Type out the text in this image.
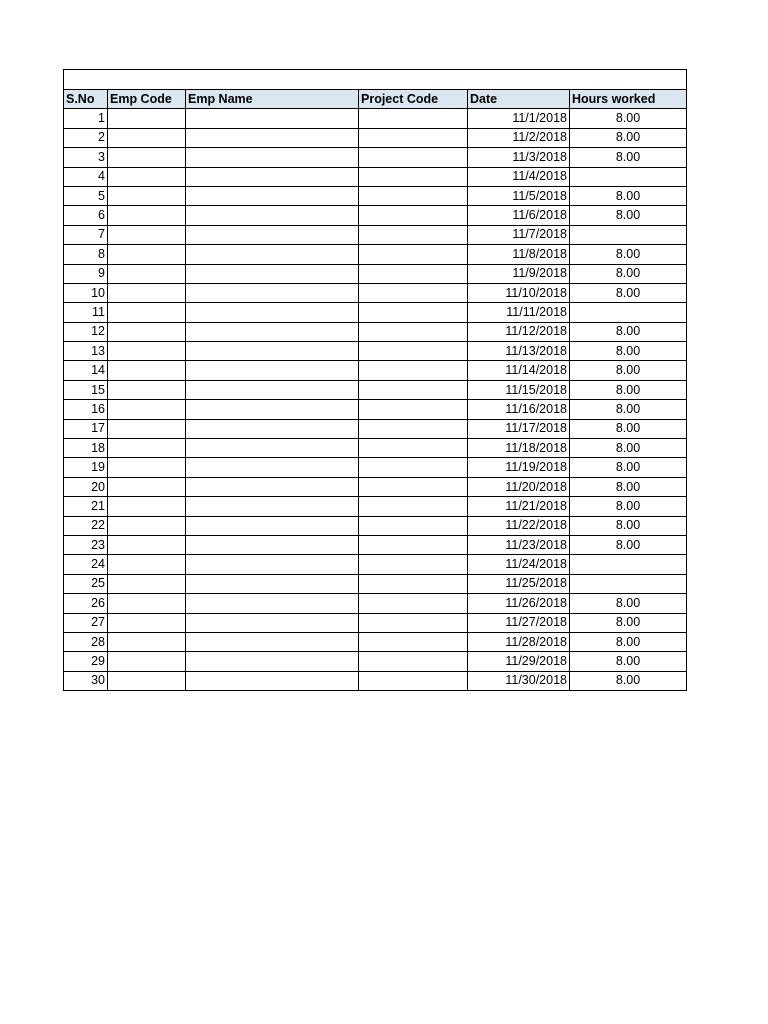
S.No	Emp Code	Emp Name	Project Code	Date	Hours worked
1				11/1/2018	8.00
2				11/2/2018	8.00
3				11/3/2018	8.00
4				11/4/2018	
5				11/5/2018	8.00
6				11/6/2018	8.00
7				11/7/2018	
8				11/8/2018	8.00
9				11/9/2018	8.00
10				11/10/2018	8.00
11				11/11/2018	
12				11/12/2018	8.00
13				11/13/2018	8.00
14				11/14/2018	8.00
15				11/15/2018	8.00
16				11/16/2018	8.00
17				11/17/2018	8.00
18				11/18/2018	8.00
19				11/19/2018	8.00
20				11/20/2018	8.00
21				11/21/2018	8.00
22				11/22/2018	8.00
23				11/23/2018	8.00
24				11/24/2018	
25				11/25/2018	
26				11/26/2018	8.00
27				11/27/2018	8.00
28				11/28/2018	8.00
29				11/29/2018	8.00
30				11/30/2018	8.00
